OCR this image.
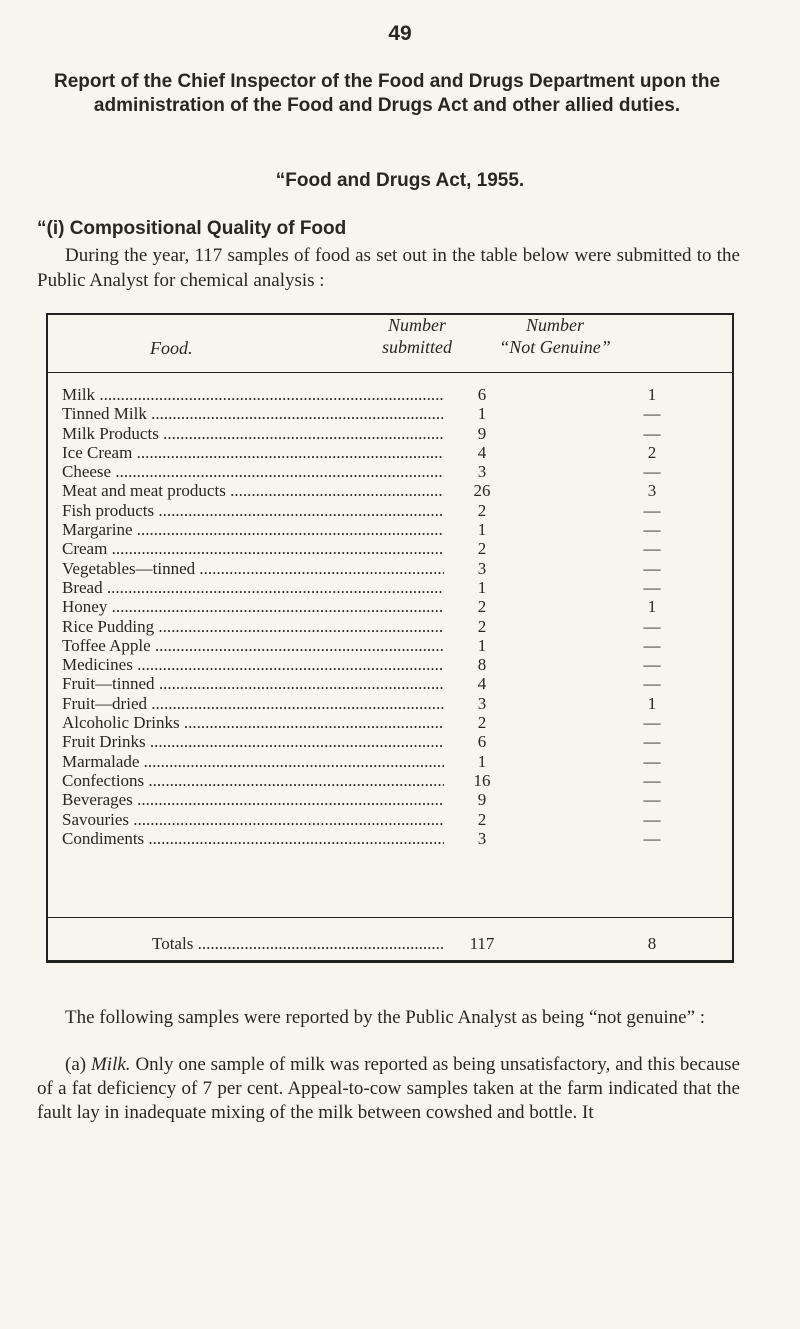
49
Report of the Chief Inspector of the Food and Drugs Department upon the administration of the Food and Drugs Act and other allied duties.
“Food and Drugs Act, 1955.
“(i) Compositional Quality of Food
During the year, 117 samples of food as set out in the table below were submitted to the Public Analyst for chemical analysis :
Food.
Number
submitted
Number
“Not Genuine”
Milk .....	6	1
Tinned Milk .....	1	—
Milk Products .....	9	—
Ice Cream .....	4	2
Cheese .....	3	—
Meat and meat products .....	26	3
Fish products .....	2	—
Margarine .....	1	—
Cream .....	2	—
Vegetables—tinned .....	3	—
Bread .....	1	—
Honey .....	2	1
Rice Pudding .....	2	—
Toffee Apple .....	1	—
Medicines .....	8	—
Fruit—tinned .....	4	—
Fruit—dried .....	3	1
Alcoholic Drinks .....	2	—
Fruit Drinks .....	6	—
Marmalade .....	1	—
Confections .....	16	—
Beverages .....	9	—
Savouries .....	2	—
Condiments .....	3	—
Totals .....	117	8
The following samples were reported by the Public Analyst as being “not genuine” :
(a) Milk. Only one sample of milk was reported as being unsatisfactory, and this because of a fat deficiency of 7 per cent. Appeal-to-cow samples taken at the farm indicated that the fault lay in inadequate mixing of the milk between cowshed and bottle. It
